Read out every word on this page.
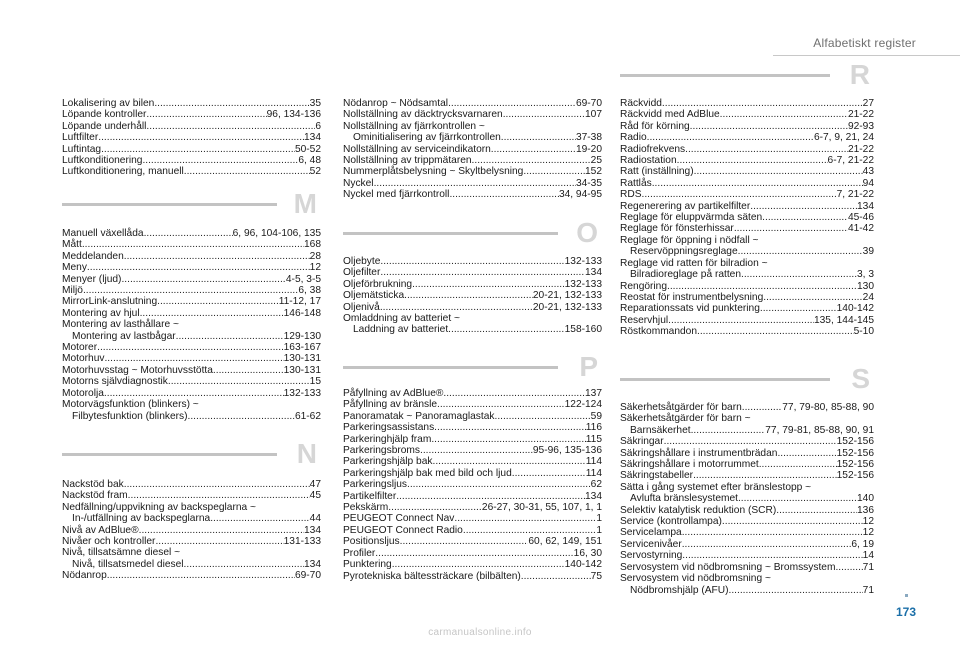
Alfabetiskt register
Lokalisering av bilen .....	35
Löpande kontroller .....	96, 134-136
Löpande underhåll .....	6
Luftfilter .....	134
Luftintag .....	50-52
Luftkonditionering .....	6, 48
Luftkonditionering, manuell .....	52
M
Manuell växellåda .....	6, 96, 104-106, 135
Mått .....	168
Meddelanden .....	28
Meny .....	12
Menyer (ljud) .....	4-5, 3-5
Miljö .....	6, 38
MirrorLink-anslutning .....	11-12, 17
Montering av hjul .....	146-148
Montering av lasthållare ~
Montering av lastbågar .....	129-130
Motorer .....	163-167
Motorhuv .....	130-131
Motorhuvsstag ~ Motorhuvsstötta .....	130-131
Motorns självdiagnostik .....	15
Motorolja .....	132-133
Motorvägsfunktion (blinkers) ~
Filbytesfunktion (blinkers) .....	61-62
N
Nackstöd bak .....	47
Nackstöd fram .....	45
Nedfällning/uppvikning av backspeglarna ~
In-/utfällning av backspeglarna .....	44
Nivå av AdBlue® .....	134
Nivåer och kontroller .....	131-133
Nivå, tillsatsämne diesel ~
Nivå, tillsatsmedel diesel .....	134
Nödanrop .....	69-70
Nödanrop ~ Nödsamtal .....	69-70
Nollställning av däcktrycksvarnaren .....	107
Nollställning av fjärrkontrollen ~
Ominitialisering av fjärrkontrollen .....	37-38
Nollställning av serviceindikatorn .....	19-20
Nollställning av trippmätaren .....	25
Nummerplåtsbelysning ~ Skyltbelysning .....	152
Nyckel .....	34-35
Nyckel med fjärrkontroll .....	34, 94-95
O
Oljebyte .....	132-133
Oljefilter .....	134
Oljeförbrukning .....	132-133
Oljemätsticka .....	20-21, 132-133
Oljenivå .....	20-21, 132-133
Omladdning av batteriet ~
Laddning av batteriet .....	158-160
P
Påfyllning av AdBlue® .....	137
Påfyllning av bränsle .....	122-124
Panoramatak ~ Panoramaglastak .....	59
Parkeringsassistans .....	116
Parkeringhjälp fram .....	115
Parkeringsbroms .....	95-96, 135-136
Parkeringshjälp bak .....	114
Parkeringshjälp bak med bild och ljud .....	114
Parkeringsljus .....	62
Partikelfilter .....	134
Pekskärm .....	26-27, 30-31, 55, 107, 1, 1
PEUGEOT Connect Nav .....	1
PEUGEOT Connect Radio .....	1
Positionsljus .....	60, 62, 149, 151
Profiler .....	16, 30
Punktering .....	140-142
Pyrotekniska bältessträckare (bilbälten) .....	75
R
Räckvidd .....	27
Räckvidd med AdBlue .....	21-22
Råd för körning .....	92-93
Radio .....	6-7, 9, 21, 24
Radiofrekvens .....	21-22
Radiostation .....	6-7, 21-22
Ratt (inställning) .....	43
Rattlås .....	94
RDS .....	7, 21-22
Regenerering av partikelfilter .....	134
Reglage för eluppvärmda säten .....	45-46
Reglage för fönsterhissar .....	41-42
Reglage för öppning i nödfall ~
Reservöppningsreglage .....	39
Reglage vid ratten för bilradion ~
Bilradioreglage på ratten .....	3, 3
Rengöring .....	130
Reostat för instrumentbelysning .....	24
Reparationssats vid punktering .....	140-142
Reservhjul .....	135, 144-145
Röstkommandon .....	5-10
S
Säkerhetsåtgärder för barn .....	77, 79-80, 85-88, 90
Säkerhetsåtgärder för barn ~
Barnsäkerhet .....	77, 79-81, 85-88, 90, 91
Säkringar .....	152-156
Säkringshållare i instrumentbrädan .....	152-156
Säkringshållare i motorrummet .....	152-156
Säkringstabeller .....	152-156
Sätta i gång systemet efter bränslestopp ~
Avlufta bränslesystemet .....	140
Selektiv katalytisk reduktion (SCR) .....	136
Service (kontrollampa) .....	12
Servicelampa .....	12
Servicenivåer .....	6, 19
Servostyrning .....	14
Servosystem vid nödbromsning ~ Bromssystem .....	71
Servosystem vid nödbromsning ~
Nödbromshjälp (AFU) .....	71
173
carmanualsonline.info
